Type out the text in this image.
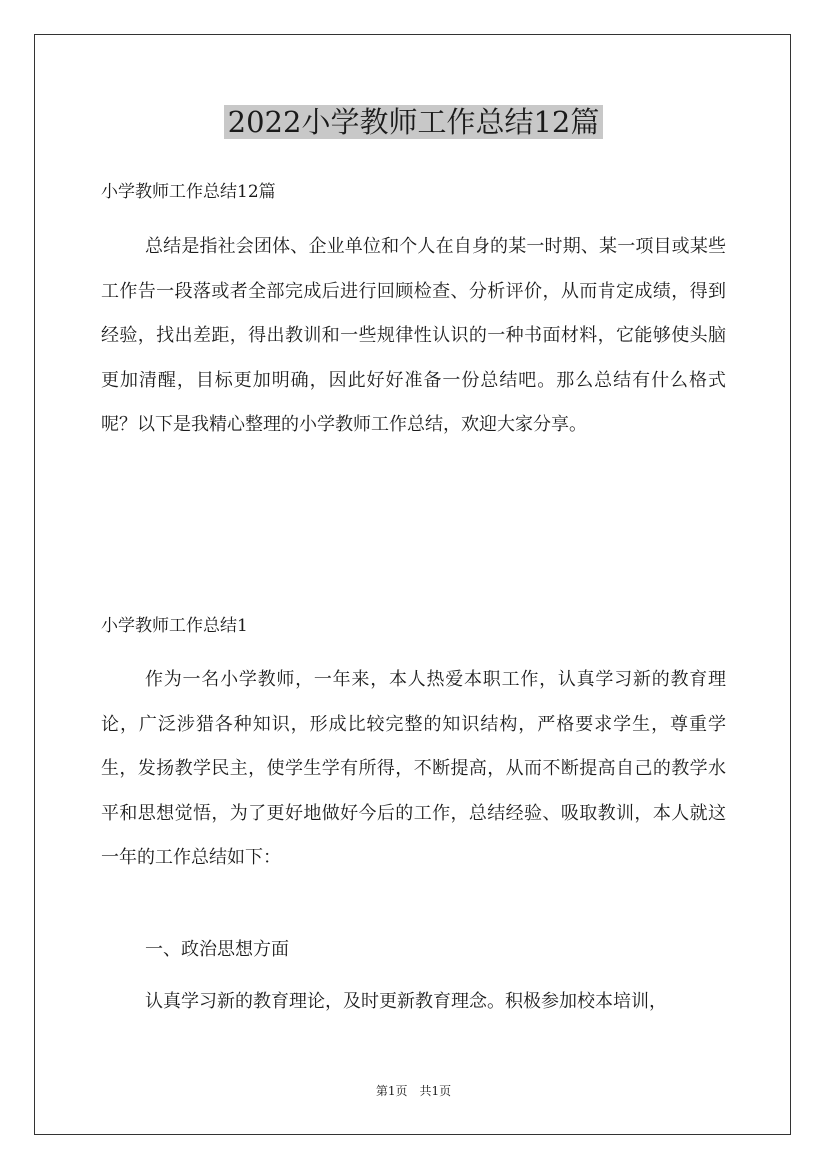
2022小学教师工作总结12篇

小学教师工作总结12篇

总结是指社会团体、企业单位和个人在自身的某一时期、某一项目或某些工作告一段落或者全部完成后进行回顾检查、分析评价，从而肯定成绩，得到经验，找出差距，得出教训和一些规律性认识的一种书面材料，它能够使头脑更加清醒，目标更加明确，因此好好准备一份总结吧。那么总结有什么格式呢？以下是我精心整理的小学教师工作总结，欢迎大家分享。

小学教师工作总结1

作为一名小学教师，一年来，本人热爱本职工作，认真学习新的教育理论，广泛涉猎各种知识，形成比较完整的知识结构，严格要求学生，尊重学生，发扬教学民主，使学生学有所得，不断提高，从而不断提高自己的教学水平和思想觉悟，为了更好地做好今后的工作，总结经验、吸取教训，本人就这一年的工作总结如下：

一、政治思想方面

认真学习新的教育理论，及时更新教育理念。积极参加校本培训，

第1页 共1页
